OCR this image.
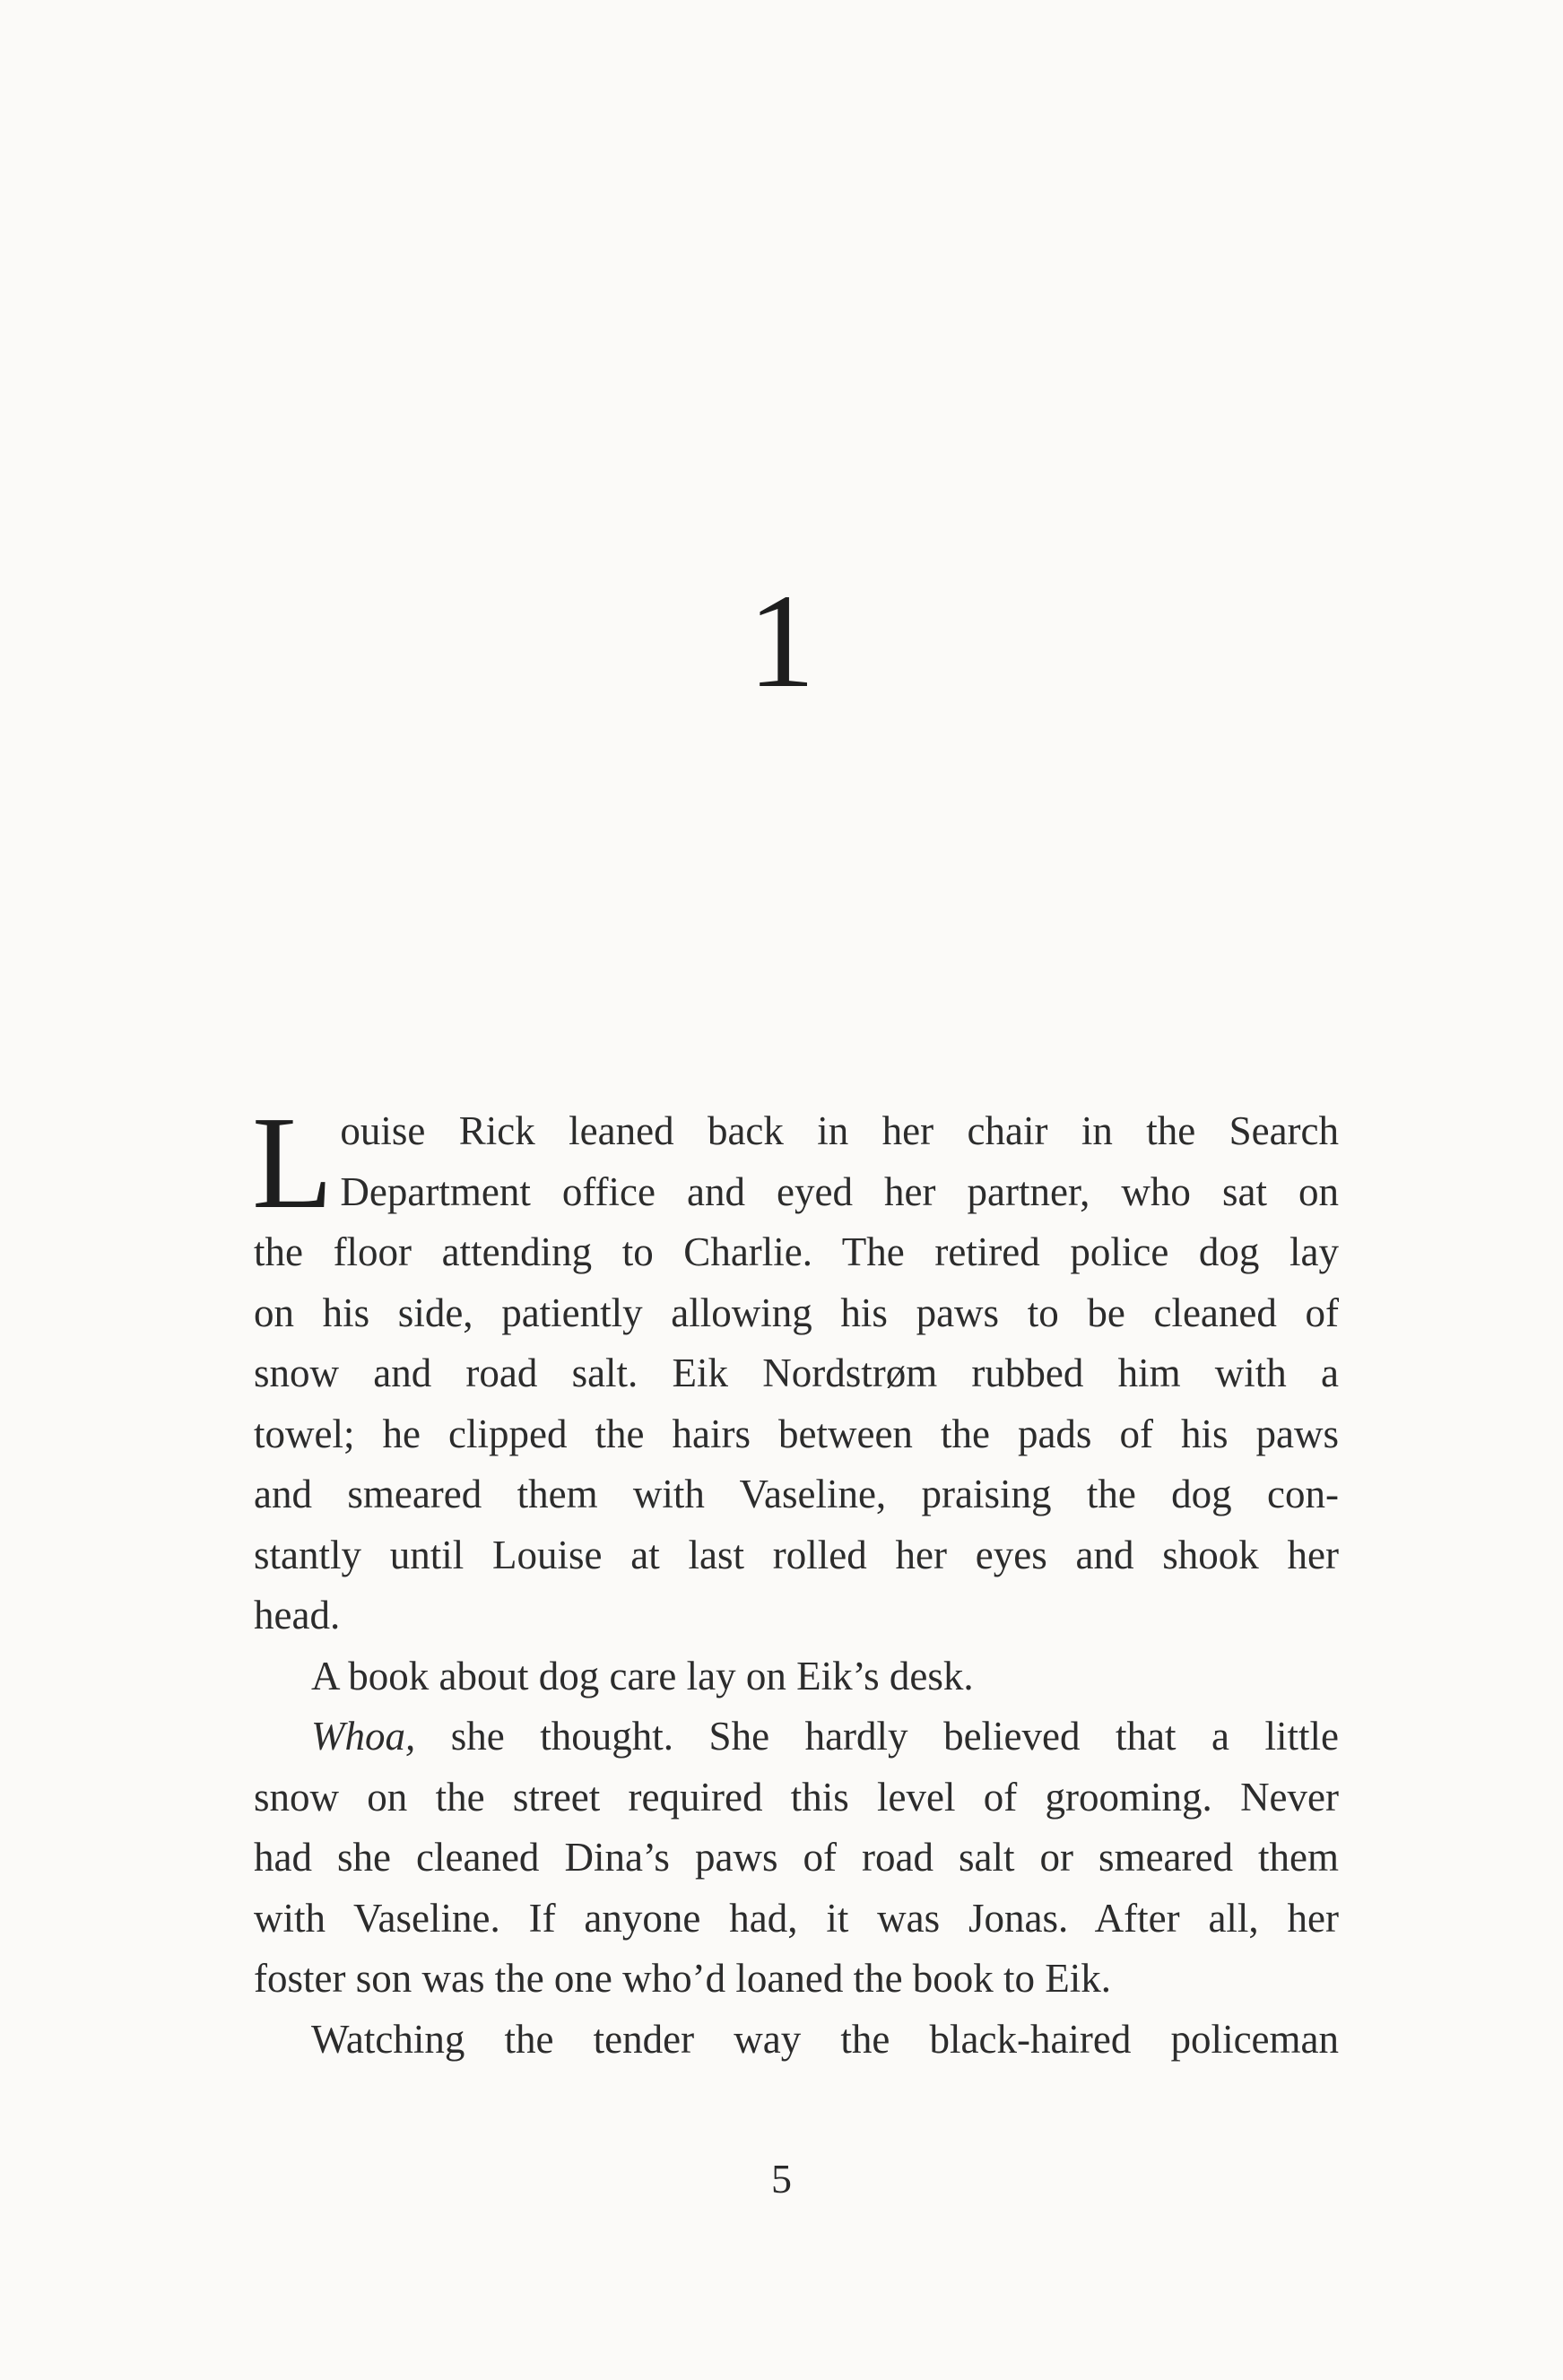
1
L ouise Rick leaned back in her chair in the Search
Department office and eyed her partner, who sat on
the floor attending to Charlie. The retired police dog lay
on his side, patiently allowing his paws to be cleaned of
snow and road salt. Eik Nordstrøm rubbed him with a
towel; he clipped the hairs between the pads of his paws
and smeared them with Vaseline, praising the dog con-
stantly until Louise at last rolled her eyes and shook her
head.
A book about dog care lay on Eik’s desk.
Whoa, she thought. She hardly believed that a little
snow on the street required this level of grooming. Never
had she cleaned Dina’s paws of road salt or smeared them
with Vaseline. If anyone had, it was Jonas. After all, her
foster son was the one who’d loaned the book to Eik.
Watching the tender way the black-haired policeman
5
